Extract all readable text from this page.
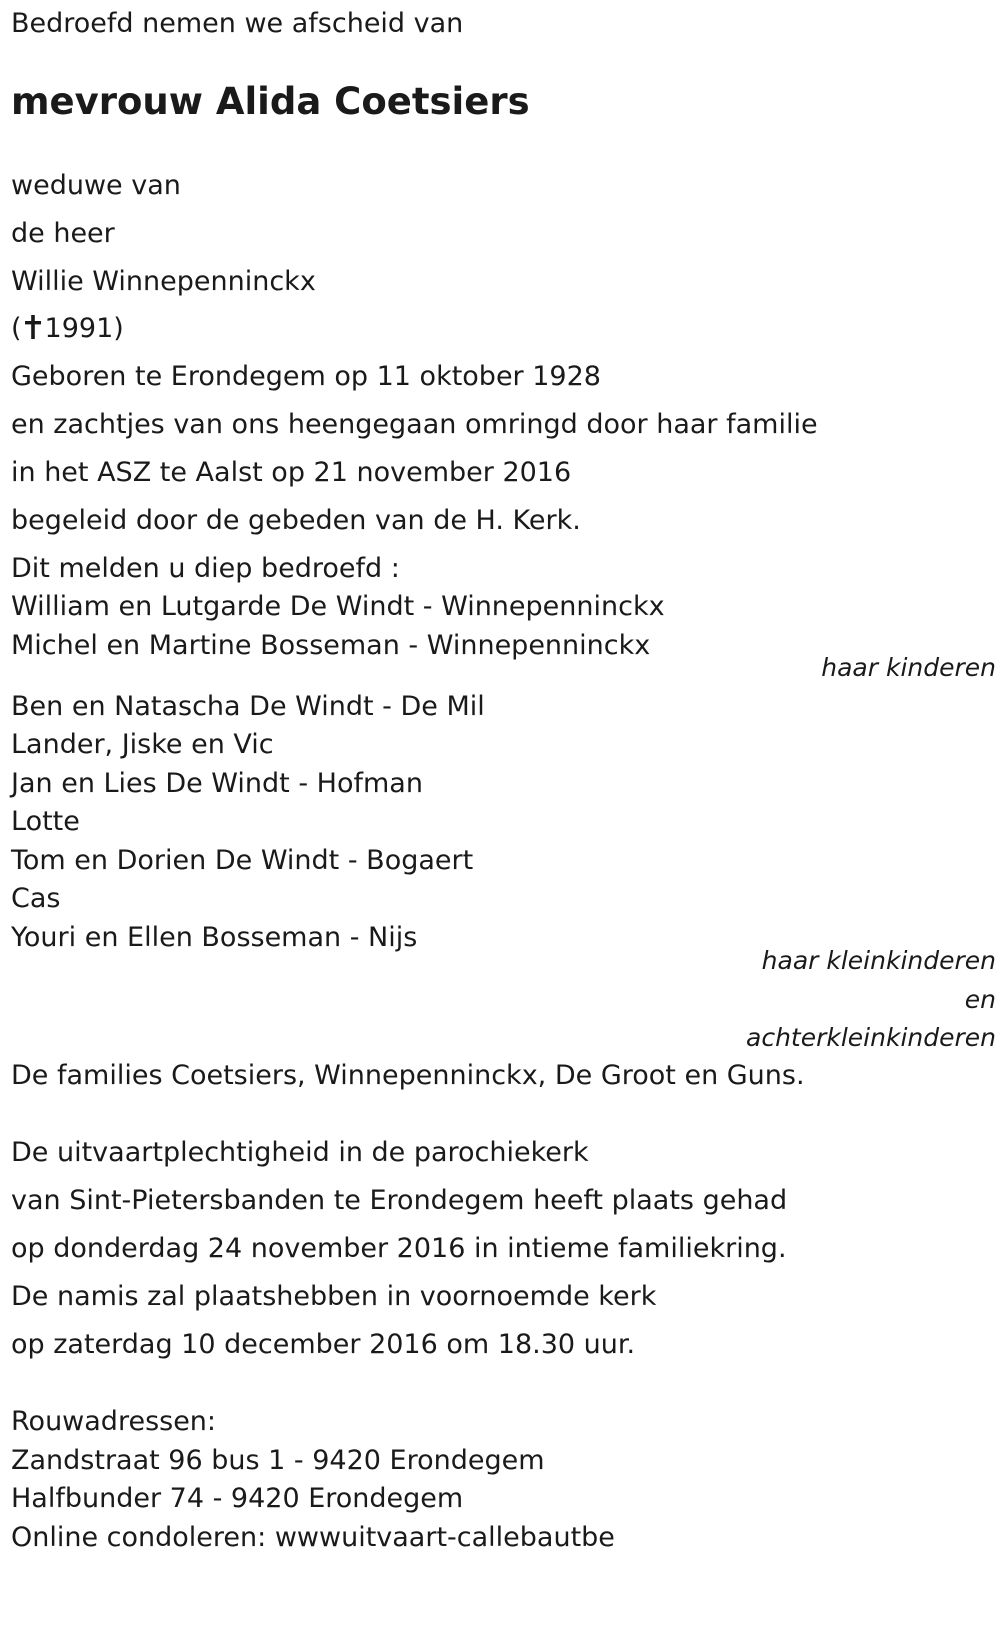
Bedroefd nemen we afscheid van

mevrouw Alida Coetsiers

weduwe van

de heer

Willie Winnepenninckx

( 1991)

Geboren te Erondegem op 11 oktober 1928

en zachtjes van ons heengegaan omringd door haar familie

in het ASZ te Aalst op 21 november 2016

begeleid door de gebeden van de H. Kerk.

Dit melden u diep bedroefd :

William en Lutgarde De Windt - Winnepenninckx

Michel en Martine Bosseman - Winnepenninckx

haar kinderen

Ben en Natascha De Windt - De Mil

Lander, Jiske en Vic

Jan en Lies De Windt - Hofman

Lotte

Tom en Dorien De Windt - Bogaert

Cas

Youri en Ellen Bosseman - Nijs

haar kleinkinderen
en
achterkleinkinderen

De families Coetsiers, Winnepenninckx, De Groot en Guns.

De uitvaartplechtigheid in de parochiekerk

van Sint-Pietersbanden te Erondegem heeft plaats gehad

op donderdag 24 november 2016 in intieme familiekring.

De namis zal plaatshebben in voornoemde kerk

op zaterdag 10 december 2016 om 18.30 uur.

Rouwadressen:

Zandstraat 96 bus 1 - 9420 Erondegem

Halfbunder 74 - 9420 Erondegem

Online condoleren: wwwuitvaart-callebautbe
